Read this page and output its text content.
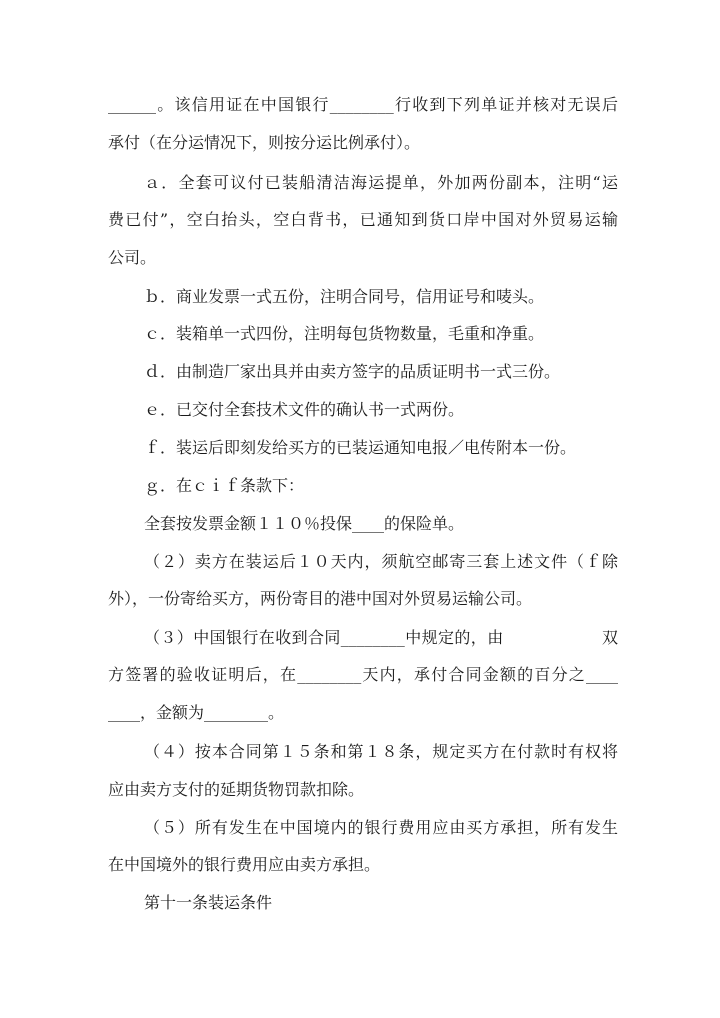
______。该信用证在中国银行________行收到下列单证并核对无误后
承付（在分运情况下，则按分运比例承付）。
ａ．全套可议付已装船清洁海运提单，外加两份副本，注明“运
费已付”，空白抬头，空白背书，已通知到货口岸中国对外贸易运输
公司。
ｂ．商业发票一式五份，注明合同号，信用证号和唛头。
ｃ．装箱单一式四份，注明每包货物数量，毛重和净重。
ｄ．由制造厂家出具并由卖方签字的品质证明书一式三份。
ｅ．已交付全套技术文件的确认书一式两份。
ｆ．装运后即刻发给买方的已装运通知电报／电传附本一份。
ｇ．在ｃｉｆ条款下：
全套按发票金额１１０％投保____的保险单。
（２）卖方在装运后１０天内，须航空邮寄三套上述文件（ｆ除
外），一份寄给买方，两份寄目的港中国对外贸易运输公司。
（３）中国银行在收到合同________中规定的，由　　　　　　双
方签署的验收证明后，在________天内，承付合同金额的百分之____
____，金额为________。
（４）按本合同第１５条和第１８条，规定买方在付款时有权将
应由卖方支付的延期货物罚款扣除。
（５）所有发生在中国境内的银行费用应由买方承担，所有发生
在中国境外的银行费用应由卖方承担。
第十一条装运条件
